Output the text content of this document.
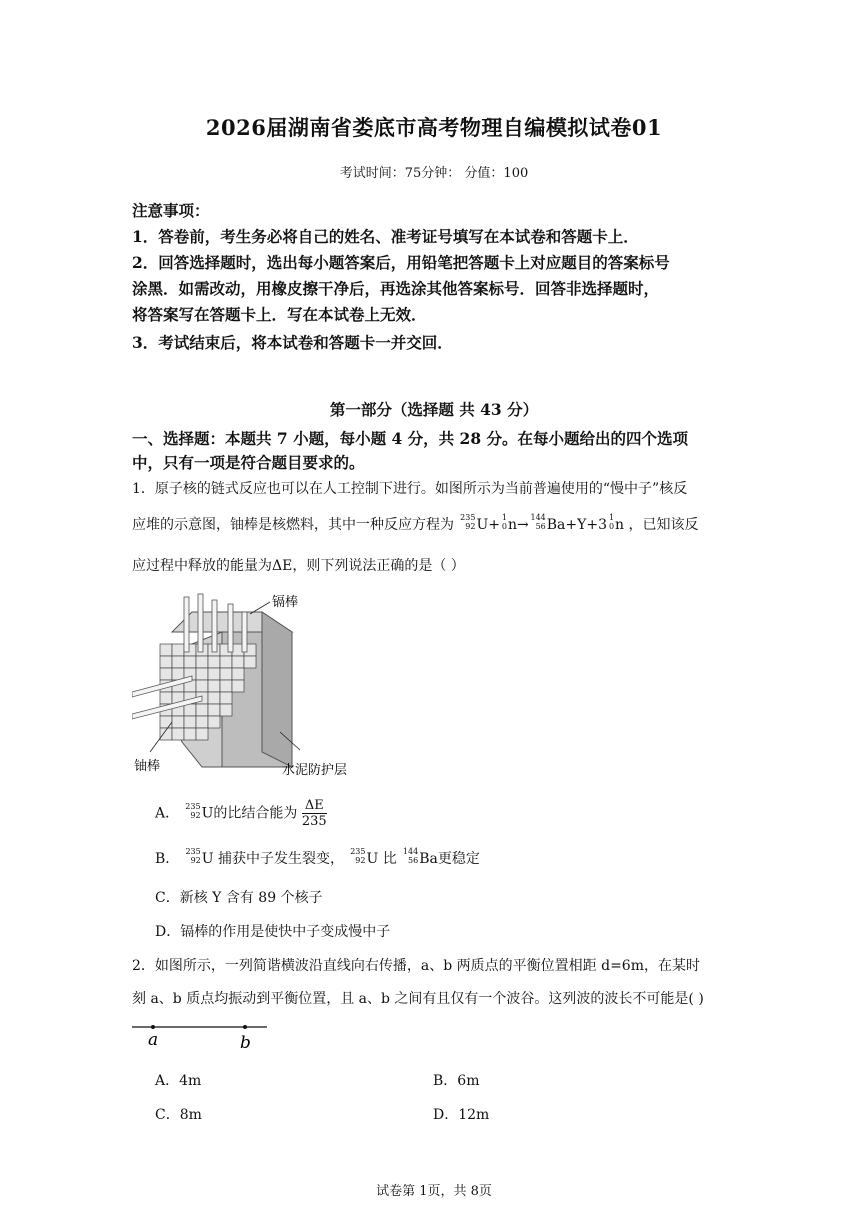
2026届湖南省娄底市高考物理自编模拟试卷01
考试时间：75分钟： 分值：100
注意事项：
1．答卷前，考生务必将自己的姓名、准考证号填写在本试卷和答题卡上．
2．回答选择题时，选出每小题答案后，用铅笔把答题卡上对应题目的答案标号
涂黑．如需改动，用橡皮擦干净后，再选涂其他答案标号．回答非选择题时，
将答案写在答题卡上．写在本试卷上无效．
3．考试结束后，将本试卷和答题卡一并交回．
第一部分（选择题 共 43 分）
一、选择题：本题共 7 小题，每小题 4 分，共 28 分。在每小题给出的四个选项
中，只有一项是符合题目要求的。
1．原子核的链式反应也可以在人工控制下进行。如图所示为当前普遍使用的“慢中子”核反
应堆的示意图，铀棒是核燃料，其中一种反应方程为 235
92 U+ 1
0 n→ 144
56 Ba+Y+3 1
0 n ，已知该反
应过程中释放的能量为ΔE，则下列说法正确的是（ ）
镉棒
铀棒	水泥防护层
A． 235
92 U的比结合能为 $\frac{\Delta E}{235}$
B． 235
92 U 捕获中子发生裂变， 235
92 U 比 144
56 Ba更稳定
C．新核 Y 含有 89 个核子
D．镉棒的作用是使快中子变成慢中子
2．如图所示，一列简谐横波沿直线向右传播，a、b 两质点的平衡位置相距 d=6m，在某时
刻 a、b 质点均振动到平衡位置，且 a、b 之间有且仅有一个波谷。这列波的波长不可能是( )
a	b
A．4m	B．6m
C．8m	D．12m
试卷第 1页，共 8页
